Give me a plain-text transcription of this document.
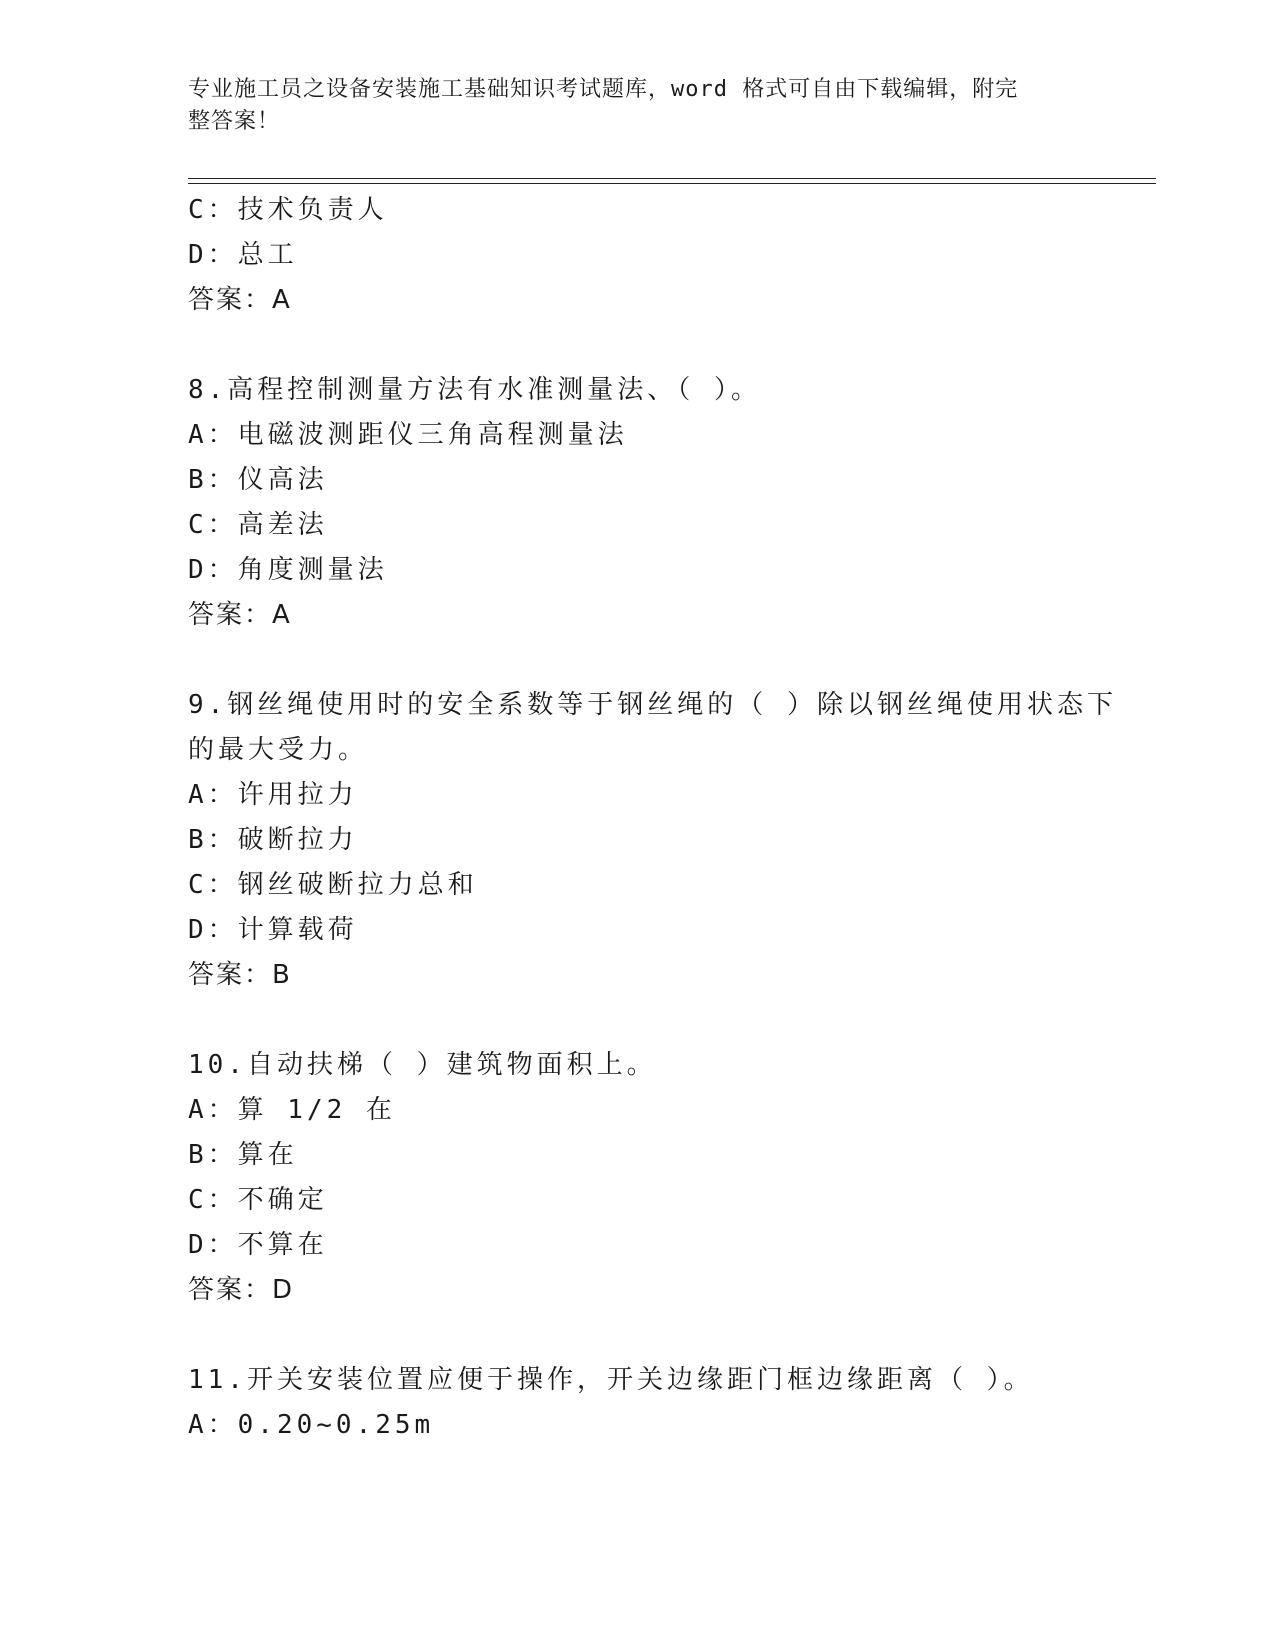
专业施工员之设备安装施工基础知识考试题库，word 格式可自由下载编辑，附完
整答案！
C：技术负责人
D：总工
答案：A
8.高程控制测量方法有水准测量法、（ ）。
A：电磁波测距仪三角高程测量法
B：仪高法
C：高差法
D：角度测量法
答案：A
9.钢丝绳使用时的安全系数等于钢丝绳的（ ）除以钢丝绳使用状态下
的最大受力。
A：许用拉力
B：破断拉力
C：钢丝破断拉力总和
D：计算载荷
答案：B
10.自动扶梯（ ）建筑物面积上。
A：算 1/2 在
B：算在
C：不确定
D：不算在
答案：D
11.开关安装位置应便于操作，开关边缘距门框边缘距离（ ）。
A：0.20~0.25m
